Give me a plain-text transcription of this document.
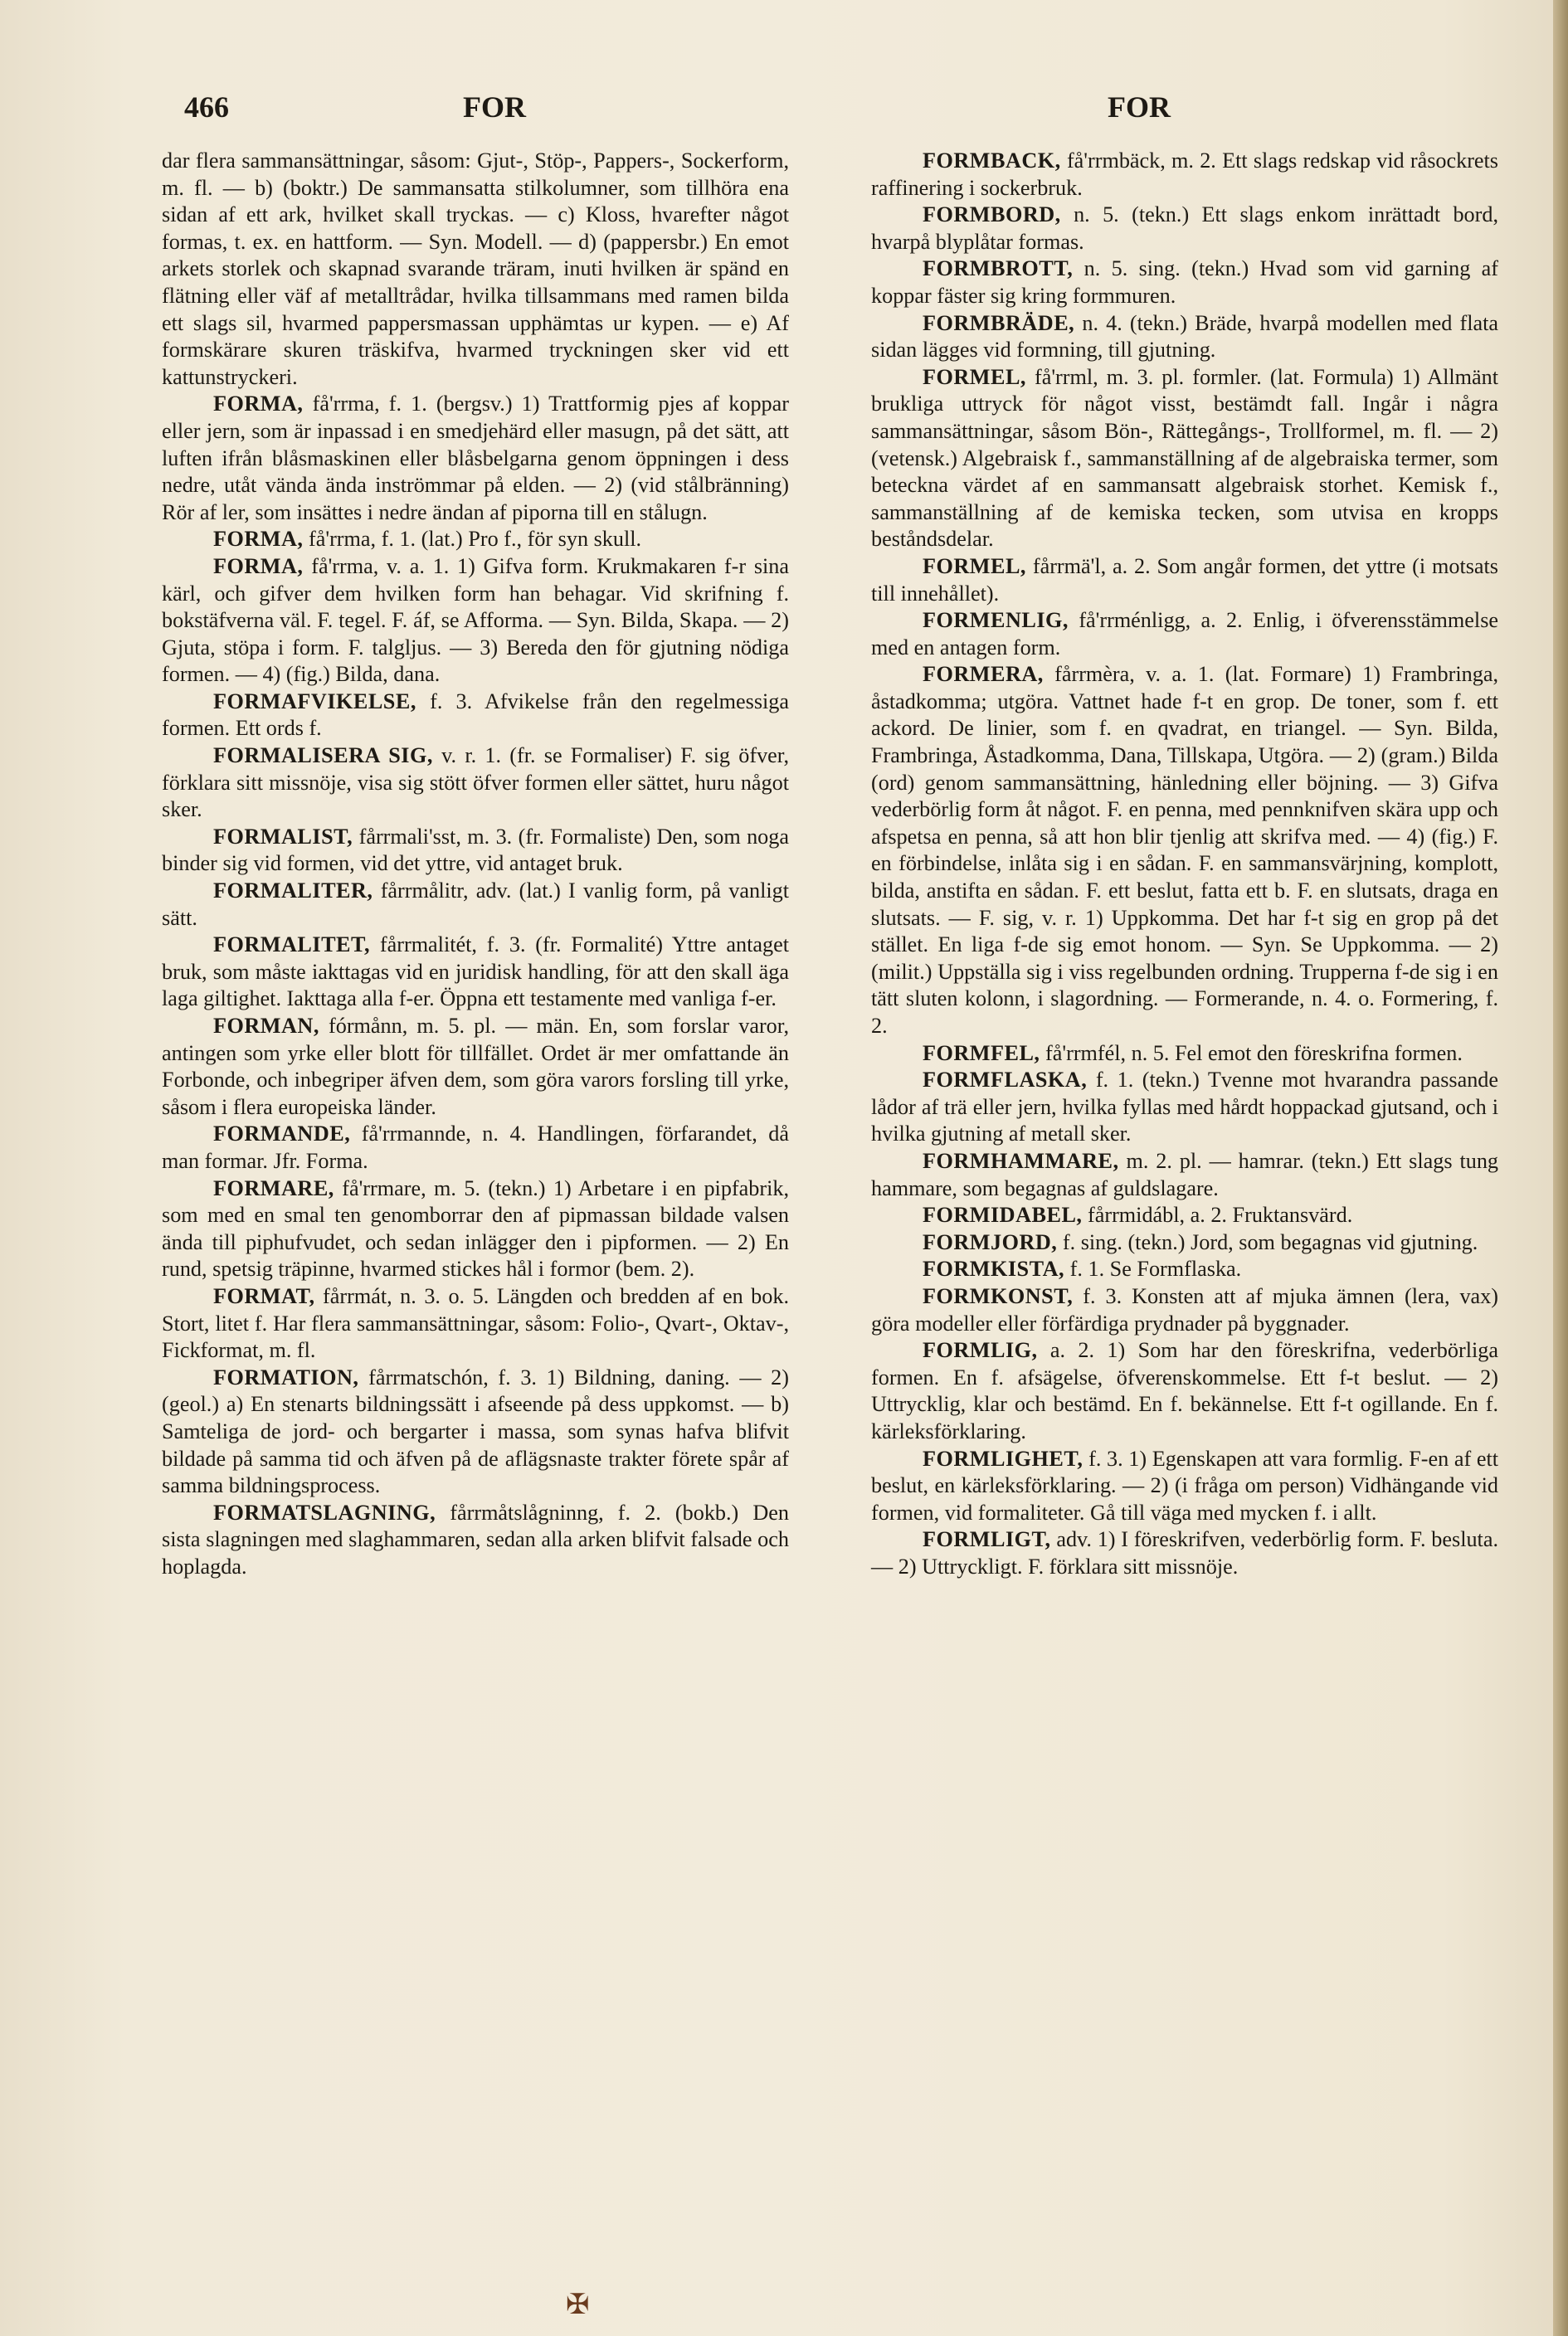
466	FOR	FOR

dar flera sammansättningar, såsom: Gjut-, Stöp-, Pappers-, Sockerform, m. fl. — b) (boktr.) De sammansatta stilkolumner, som tillhöra ena sidan af ett ark, hvilket skall tryckas. — c) Kloss, hvarefter något formas, t. ex. en hattform. — Syn. Modell. — d) (pappersbr.) En emot arkets storlek och skapnad svarande träram, inuti hvilken är spänd en flätning eller väf af metalltrådar, hvilka tillsammans med ramen bilda ett slags sil, hvarmed pappersmassan upphämtas ur kypen. — e) Af formskärare skuren träskifva, hvarmed tryckningen sker vid ett kattunstryckeri.

FORMA, få'rrma, f. 1. (bergsv.) 1) Trattformig pjes af koppar eller jern, som är inpassad i en smedjehärd eller masugn, på det sätt, att luften ifrån blåsmaskinen eller blåsbelgarna genom öppningen i dess nedre, utåt vända ända inströmmar på elden. — 2) (vid stålbränning) Rör af ler, som insättes i nedre ändan af piporna till en stålugn.

FORMA, få'rrma, f. 1. (lat.) Pro f., för syn skull.

FORMA, få'rrma, v. a. 1. 1) Gifva form. Krukmakaren f-r sina kärl, och gifver dem hvilken form han behagar. Vid skrifning f. bokstäfverna väl. F. tegel. F. áf, se Afforma. — Syn. Bilda, Skapa. — 2) Gjuta, stöpa i form. F. talgljus. — 3) Bereda den för gjutning nödiga formen. — 4) (fig.) Bilda, dana.

FORMAFVIKELSE, f. 3. Afvikelse från den regelmessiga formen. Ett ords f.

FORMALISERA SIG, v. r. 1. (fr. se Formaliser) F. sig öfver, förklara sitt missnöje, visa sig stött öfver formen eller sättet, huru något sker.

FORMALIST, fårrmali'sst, m. 3. (fr. Formaliste) Den, som noga binder sig vid formen, vid det yttre, vid antaget bruk.

FORMALITER, fårrmålitr, adv. (lat.) I vanlig form, på vanligt sätt.

FORMALITET, fårrmalitét, f. 3. (fr. Formalité) Yttre antaget bruk, som måste iakttagas vid en juridisk handling, för att den skall äga laga giltighet. Iakttaga alla f-er. Öppna ett testamente med vanliga f-er.

FORMAN, fórmånn, m. 5. pl. — män. En, som forslar varor, antingen som yrke eller blott för tillfället. Ordet är mer omfattande än Forbonde, och inbegriper äfven dem, som göra varors forsling till yrke, såsom i flera europeiska länder.

FORMANDE, få'rrmannde, n. 4. Handlingen, förfarandet, då man formar. Jfr. Forma.

FORMARE, få'rrmare, m. 5. (tekn.) 1) Arbetare i en pipfabrik, som med en smal ten genomborrar den af pipmassan bildade valsen ända till piphufvudet, och sedan inlägger den i pipformen. — 2) En rund, spetsig träpinne, hvarmed stickes hål i formor (bem. 2).

FORMAT, fårrmát, n. 3. o. 5. Längden och bredden af en bok. Stort, litet f. Har flera sammansättningar, såsom: Folio-, Qvart-, Oktav-, Fickformat, m. fl.

FORMATION, fårrmatschón, f. 3. 1) Bildning, daning. — 2) (geol.) a) En stenarts bildningssätt i afseende på dess uppkomst. — b) Samteliga de jord- och bergarter i massa, som synas hafva blifvit bildade på samma tid och äfven på de aflägsnaste trakter förete spår af samma bildningsprocess.

FORMATSLAGNING, fårrmåtslågninng, f. 2. (bokb.) Den sista slagningen med slaghammaren, sedan alla arken blifvit falsade och hoplagda.

FORMBACK, få'rrmbäck, m. 2. Ett slags redskap vid råsockrets raffinering i sockerbruk.

FORMBORD, n. 5. (tekn.) Ett slags enkom inrättadt bord, hvarpå blyplåtar formas.

FORMBROTT, n. 5. sing. (tekn.) Hvad som vid garning af koppar fäster sig kring formmuren.

FORMBRÄDE, n. 4. (tekn.) Bräde, hvarpå modellen med flata sidan lägges vid formning, till gjutning.

FORMEL, få'rrml, m. 3. pl. formler. (lat. Formula) 1) Allmänt brukliga uttryck för något visst, bestämdt fall. Ingår i några sammansättningar, såsom Bön-, Rättegångs-, Trollformel, m. fl. — 2) (vetensk.) Algebraisk f., sammanställning af de algebraiska termer, som beteckna värdet af en sammansatt algebraisk storhet. Kemisk f., sammanställning af de kemiska tecken, som utvisa en kropps beståndsdelar.

FORMEL, fårrmä'l, a. 2. Som angår formen, det yttre (i motsats till innehållet).

FORMENLIG, få'rrménligg, a. 2. Enlig, i öfverensstämmelse med en antagen form.

FORMERA, fårrmèra, v. a. 1. (lat. Formare) 1) Frambringa, åstadkomma; utgöra. Vattnet hade f-t en grop. De toner, som f. ett ackord. De linier, som f. en qvadrat, en triangel. — Syn. Bilda, Frambringa, Åstadkomma, Dana, Tillskapa, Utgöra. — 2) (gram.) Bilda (ord) genom sammansättning, hänledning eller böjning. — 3) Gifva vederbörlig form åt något. F. en penna, med pennknifven skära upp och afspetsa en penna, så att hon blir tjenlig att skrifva med. — 4) (fig.) F. en förbindelse, inlåta sig i en sådan. F. en sammansvärjning, komplott, bilda, anstifta en sådan. F. ett beslut, fatta ett b. F. en slutsats, draga en slutsats. — F. sig, v. r. 1) Uppkomma. Det har f-t sig en grop på det stället. En liga f-de sig emot honom. — Syn. Se Uppkomma. — 2) (milit.) Uppställa sig i viss regelbunden ordning. Trupperna f-de sig i en tätt sluten kolonn, i slagordning. — Formerande, n. 4. o. Formering, f. 2.

FORMFEL, få'rrmfél, n. 5. Fel emot den föreskrifna formen.

FORMFLASKA, f. 1. (tekn.) Tvenne mot hvarandra passande lådor af trä eller jern, hvilka fyllas med hårdt hoppackad gjutsand, och i hvilka gjutning af metall sker.

FORMHAMMARE, m. 2. pl. — hamrar. (tekn.) Ett slags tung hammare, som begagnas af guldslagare.

FORMIDABEL, fårrmidábl, a. 2. Fruktansvärd.

FORMJORD, f. sing. (tekn.) Jord, som begagnas vid gjutning.

FORMKISTA, f. 1. Se Formflaska.

FORMKONST, f. 3. Konsten att af mjuka ämnen (lera, vax) göra modeller eller förfärdiga prydnader på byggnader.

FORMLIG, a. 2. 1) Som har den föreskrifna, vederbörliga formen. En f. afsägelse, öfverenskommelse. Ett f-t beslut. — 2) Uttrycklig, klar och bestämd. En f. bekännelse. Ett f-t ogillande. En f. kärleksförklaring.

FORMLIGHET, f. 3. 1) Egenskapen att vara formlig. F-en af ett beslut, en kärleksförklaring. — 2) (i fråga om person) Vidhängande vid formen, vid formaliteter. Gå till väga med mycken f. i allt.

FORMLIGT, adv. 1) I föreskrifven, vederbörlig form. F. besluta. — 2) Uttryckligt. F. förklara sitt missnöje.

✠
